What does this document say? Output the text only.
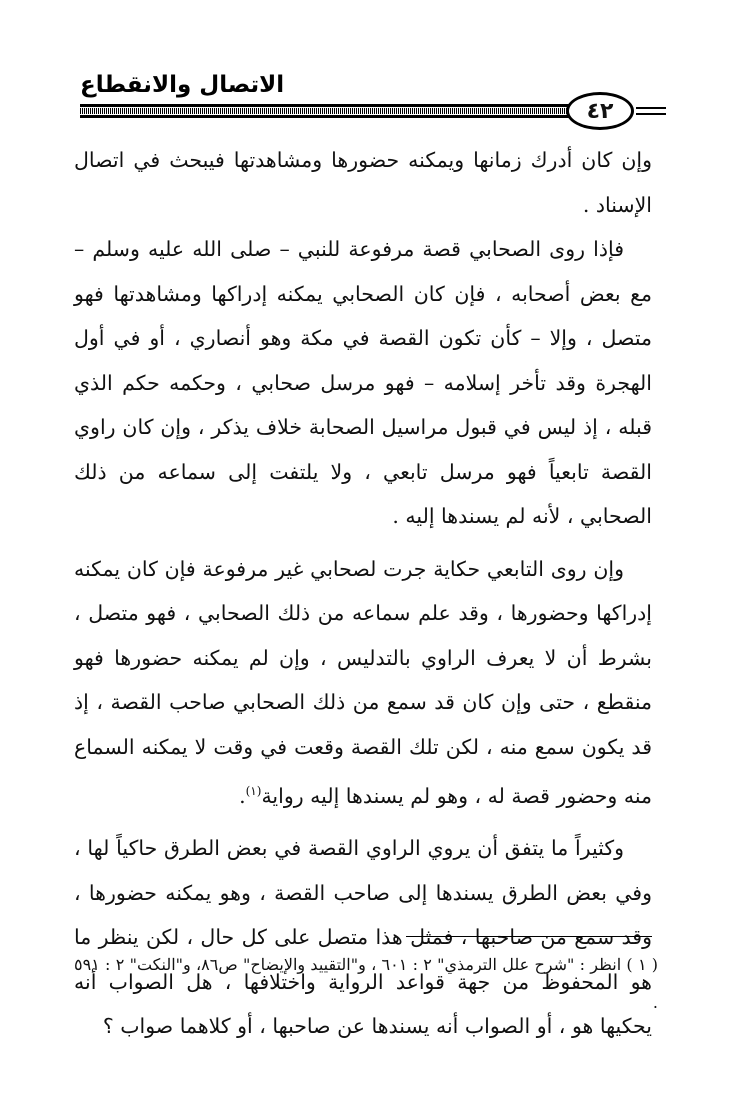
الاتصال والانقطاع
٤٢

وإن كان أدرك زمانها ويمكنه حضورها ومشاهدتها فيبحث في اتصال الإسناد .

فإذا روى الصحابي قصة مرفوعة للنبي – صلى الله عليه وسلم – مع بعض أصحابه ، فإن كان الصحابي يمكنه إدراكها ومشاهدتها فهو متصل ، وإلا – كأن تكون القصة في مكة وهو أنصاري ، أو في أول الهجرة وقد تأخر إسلامه – فهو مرسل صحابي ، وحكمه حكم الذي قبله ، إذ ليس في قبول مراسيل الصحابة خلاف يذكر ، وإن كان راوي القصة تابعياً فهو مرسل تابعي ، ولا يلتفت إلى سماعه من ذلك الصحابي ، لأنه لم يسندها إليه .

وإن روى التابعي حكاية جرت لصحابي غير مرفوعة فإن كان يمكنه إدراكها وحضورها ، وقد علم سماعه من ذلك الصحابي ، فهو متصل ، بشرط أن لا يعرف الراوي بالتدليس ، وإن لم يمكنه حضورها فهو منقطع ، حتى وإن كان قد سمع من ذلك الصحابي صاحب القصة ، إذ قد يكون سمع منه ، لكن تلك القصة وقعت في وقت لا يمكنه السماع منه وحضور قصة له ، وهو لم يسندها إليه رواية$^{(١)}$.

وكثيراً ما يتفق أن يروي الراوي القصة في بعض الطرق حاكياً لها ، وفي بعض الطرق يسندها إلى صاحب القصة ، وهو يمكنه حضورها ، وقد سمع من صاحبها ، فمثل هذا متصل على كل حال ، لكن ينظر ما هو المحفوظ من جهة قواعد الرواية واختلافها ، هل الصواب أنه يحكيها هو ، أو الصواب أنه يسندها عن صاحبها ، أو كلاهما صواب ؟

( ١ ) انظر : "شرح علل الترمذي" ٢ : ٦٠١ ، و"التقييد والإيضاح" ص٨٦، و"النكت" ٢ : ٥٩١ .
